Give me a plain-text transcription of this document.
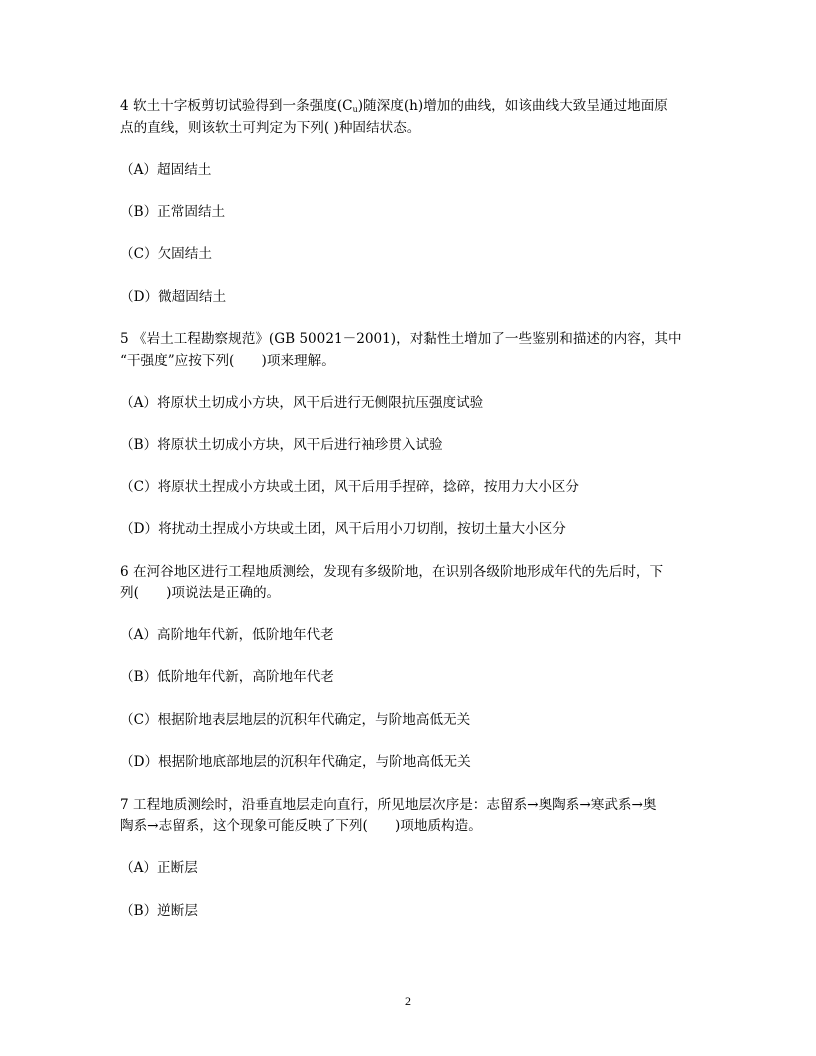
4 软土十字板剪切试验得到一条强度$(C_u)$随深度(h)增加的曲线，如该曲线大致呈通过地面原
点的直线，则该软土可判定为下列( )种固结状态。
（A）超固结土
（B）正常固结土
（C）欠固结土
（D）微超固结土
5 《岩土工程勘察规范》(GB 50021－2001)，对黏性土增加了一些鉴别和描述的内容，其中
“干强度”应按下列(　　)项来理解。
（A）将原状土切成小方块，风干后进行无侧限抗压强度试验
（B）将原状土切成小方块，风干后进行袖珍贯入试验
（C）将原状土捏成小方块或土团，风干后用手捏碎，捻碎，按用力大小区分
（D）将扰动土捏成小方块或土团，风干后用小刀切削，按切土量大小区分
6 在河谷地区进行工程地质测绘，发现有多级阶地，在识别各级阶地形成年代的先后时，下
列(　　)项说法是正确的。
（A）高阶地年代新，低阶地年代老
（B）低阶地年代新，高阶地年代老
（C）根据阶地表层地层的沉积年代确定，与阶地高低无关
（D）根据阶地底部地层的沉积年代确定，与阶地高低无关
7 工程地质测绘时，沿垂直地层走向直行，所见地层次序是：志留系→奥陶系→寒武系→奥
陶系→志留系，这个现象可能反映了下列(　　)项地质构造。
（A）正断层
（B）逆断层
2
